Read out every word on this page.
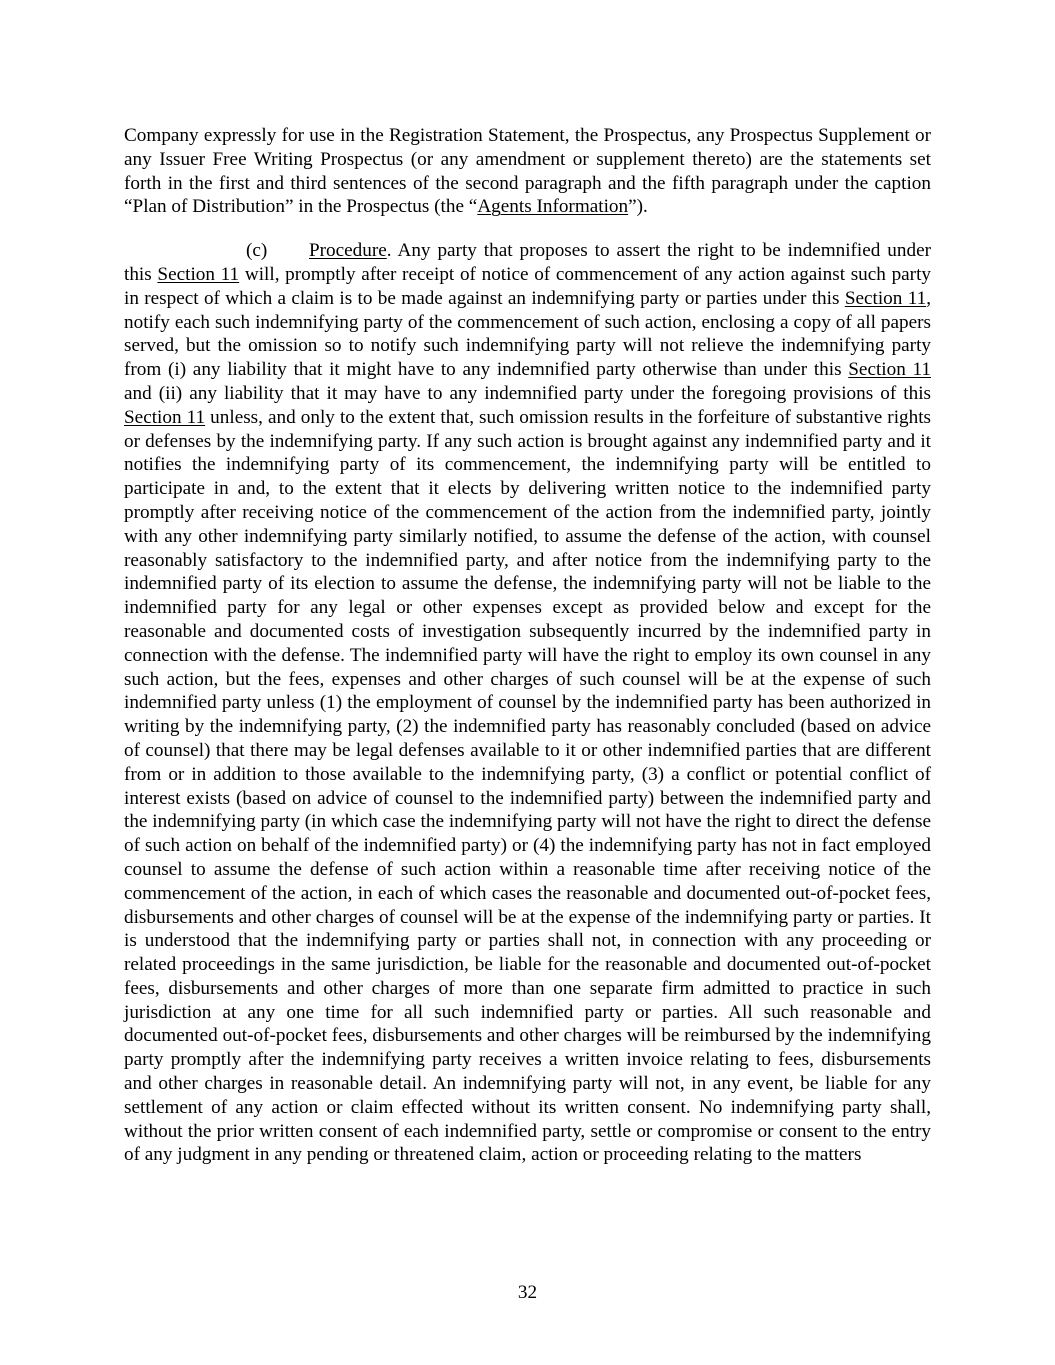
Company expressly for use in the Registration Statement, the Prospectus, any Prospectus Supplement or any Issuer Free Writing Prospectus (or any amendment or supplement thereto) are the statements set forth in the first and third sentences of the second paragraph and the fifth paragraph under the caption “Plan of Distribution” in the Prospectus (the “Agents Information”).

(c) Procedure. Any party that proposes to assert the right to be indemnified under this Section 11 will, promptly after receipt of notice of commencement of any action against such party in respect of which a claim is to be made against an indemnifying party or parties under this Section 11, notify each such indemnifying party of the commencement of such action, enclosing a copy of all papers served, but the omission so to notify such indemnifying party will not relieve the indemnifying party from (i) any liability that it might have to any indemnified party otherwise than under this Section 11 and (ii) any liability that it may have to any indemnified party under the foregoing provisions of this Section 11 unless, and only to the extent that, such omission results in the forfeiture of substantive rights or defenses by the indemnifying party. If any such action is brought against any indemnified party and it notifies the indemnifying party of its commencement, the indemnifying party will be entitled to participate in and, to the extent that it elects by delivering written notice to the indemnified party promptly after receiving notice of the commencement of the action from the indemnified party, jointly with any other indemnifying party similarly notified, to assume the defense of the action, with counsel reasonably satisfactory to the indemnified party, and after notice from the indemnifying party to the indemnified party of its election to assume the defense, the indemnifying party will not be liable to the indemnified party for any legal or other expenses except as provided below and except for the reasonable and documented costs of investigation subsequently incurred by the indemnified party in connection with the defense. The indemnified party will have the right to employ its own counsel in any such action, but the fees, expenses and other charges of such counsel will be at the expense of such indemnified party unless (1) the employment of counsel by the indemnified party has been authorized in writing by the indemnifying party, (2) the indemnified party has reasonably concluded (based on advice of counsel) that there may be legal defenses available to it or other indemnified parties that are different from or in addition to those available to the indemnifying party, (3) a conflict or potential conflict of interest exists (based on advice of counsel to the indemnified party) between the indemnified party and the indemnifying party (in which case the indemnifying party will not have the right to direct the defense of such action on behalf of the indemnified party) or (4) the indemnifying party has not in fact employed counsel to assume the defense of such action within a reasonable time after receiving notice of the commencement of the action, in each of which cases the reasonable and documented out-of-pocket fees, disbursements and other charges of counsel will be at the expense of the indemnifying party or parties. It is understood that the indemnifying party or parties shall not, in connection with any proceeding or related proceedings in the same jurisdiction, be liable for the reasonable and documented out-of-pocket fees, disbursements and other charges of more than one separate firm admitted to practice in such jurisdiction at any one time for all such indemnified party or parties. All such reasonable and documented out-of-pocket fees, disbursements and other charges will be reimbursed by the indemnifying party promptly after the indemnifying party receives a written invoice relating to fees, disbursements and other charges in reasonable detail. An indemnifying party will not, in any event, be liable for any settlement of any action or claim effected without its written consent. No indemnifying party shall, without the prior written consent of each indemnified party, settle or compromise or consent to the entry of any judgment in any pending or threatened claim, action or proceeding relating to the matters

32
